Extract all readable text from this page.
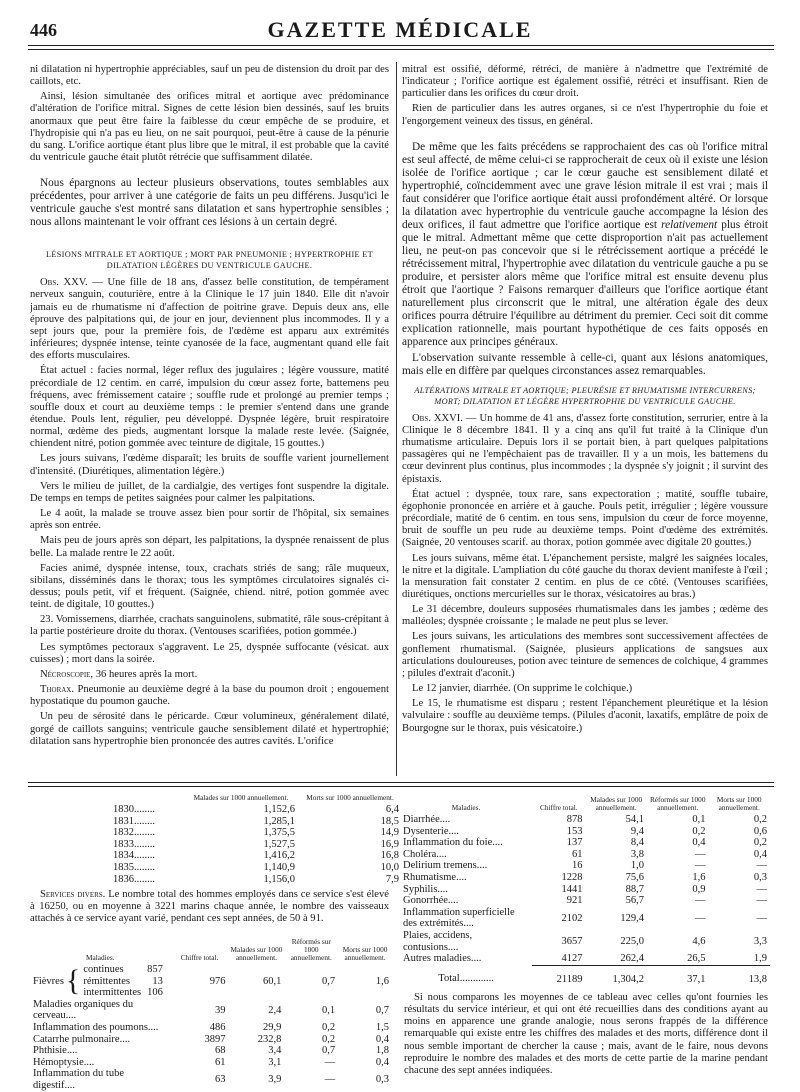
446	GAZETTE MÉDICALE

ni dilatation ni hypertrophie appréciables, sauf un peu de distension du droit par des caillots, etc.

Ainsi, lésion simultanée des orifices mitral et aortique avec prédominance d'altération de l'orifice mitral. Signes de cette lésion bien dessinés, sauf les bruits anormaux que peut être faire la faiblesse du cœur empêche de se produire, et l'hydropisie qui n'a pas eu lieu, on ne sait pourquoi, peut-être à cause de la pénurie du sang. L'orifice aortique étant plus libre que le mitral, il est probable que la cavité du ventricule gauche était plutôt rétrécie que suffisamment dilatée.

Nous épargnons au lecteur plusieurs observations, toutes semblables aux précédentes, pour arriver à une catégorie de faits un peu différens. Jusqu'ici le ventricule gauche s'est montré sans dilatation et sans hypertrophie sensibles ; nous allons maintenant le voir offrant ces lésions à un certain degré.

LÉSIONS MITRALE ET AORTIQUE ; MORT PAR PNEUMONIE ; HYPERTROPHIE ET DILATATION LÉGÈRES DU VENTRICULE GAUCHE.

Obs. XXV. — Une fille de 18 ans, d'assez belle constitution, de tempérament nerveux sanguin, couturière, entre à la Clinique le 17 juin 1840. Elle dit n'avoir jamais eu de rhumatisme ni d'affection de poitrine grave. Depuis deux ans, elle éprouve des palpitations qui, de jour en jour, deviennent plus incommodes. Il y a sept jours que, pour la première fois, de l'œdème est apparu aux extrémités inférieures; dyspnée intense, teinte cyanosée de la face, augmentant quand elle fait des efforts musculaires.

État actuel : facies normal, léger reflux des jugulaires ; légère voussure, matité précordiale de 12 centim. en carré, impulsion du cœur assez forte, battemens peu fréquens, avec frémissement cataire ; souffle rude et prolongé au premier temps ; souffle doux et court au deuxième temps : le premier s'entend dans une grande étendue. Pouls lent, régulier, peu développé. Dyspnée légère, bruit respiratoire normal, œdème des pieds, augmentant lorsque la malade reste levée. (Saignée, chiendent nitré, potion gommée avec teinture de digitale, 15 gouttes.)

Les jours suivans, l'œdème disparaît; les bruits de souffle varient journellement d'intensité. (Diurétiques, alimentation légère.)

Vers le milieu de juillet, de la cardialgie, des vertiges font suspendre la digitale. De temps en temps de petites saignées pour calmer les palpitations.

Le 4 août, la malade se trouve assez bien pour sortir de l'hôpital, six semaines après son entrée.

Mais peu de jours après son départ, les palpitations, la dyspnée renaissent de plus belle. La malade rentre le 22 août.

Facies animé, dyspnée intense, toux, crachats striés de sang; râle muqueux, sibilans, disséminés dans le thorax; tous les symptômes circulatoires signalés ci-dessus; pouls petit, vif et fréquent. (Saignée, chiend. nitré, potion gommée avec teint. de digitale, 10 gouttes.)

23. Vomissemens, diarrhée, crachats sanguinolens, submatité, râle sous-crépitant à la partie postérieure droite du thorax. (Ventouses scarifiées, potion gommée.)

Les symptômes pectoraux s'aggravent. Le 25, dyspnée suffocante (vésicat. aux cuisses) ; mort dans la soirée.

Nécroscopie, 36 heures après la mort.

Thorax. Pneumonie au deuxième degré à la base du poumon droit ; engouement hypostatique du poumon gauche.

Un peu de sérosité dans le péricarde. Cœur volumineux, généralement dilaté, gorgé de caillots sanguins; ventricule gauche sensiblement dilaté et hypertrophié; dilatation sans hypertrophie bien prononcée des autres cavités. L'orifice

mitral est ossifié, déformé, rétréci, de manière à n'admettre que l'extrémité de l'indicateur ; l'orifice aortique est également ossifié, rétréci et insuffisant. Rien de particulier dans les orifices du cœur droit.

Rien de particulier dans les autres organes, si ce n'est l'hypertrophie du foie et l'engorgement veineux des tissus, en général.

De même que les faits précédens se rapprochaient des cas où l'orifice mitral est seul affecté, de même celui-ci se rapprocherait de ceux où il existe une lésion isolée de l'orifice aortique ; car le cœur gauche est sensiblement dilaté et hypertrophié, coïncidemment avec une grave lésion mitrale il est vrai ; mais il faut considérer que l'orifice aortique était aussi profondément altéré. Or lorsque la dilatation avec hypertrophie du ventricule gauche accompagne la lésion des deux orifices, il faut admettre que l'orifice aortique est relativement plus étroit que le mitral. Admettant même que cette disproportion n'ait pas actuellement lieu, ne peut-on pas concevoir que si le rétrécissement aortique a précédé le rétrécissement mitral, l'hypertrophie avec dilatation du ventricule gauche a pu se produire, et persister alors même que l'orifice mitral est ensuite devenu plus étroit que l'aortique ? Faisons remarquer d'ailleurs que l'orifice aortique étant naturellement plus circonscrit que le mitral, une altération égale des deux orifices pourra détruire l'équilibre au détriment du premier. Ceci soit dit comme explication rationnelle, mais pourtant hypothétique de ces faits opposés en apparence aux principes généraux.

L'observation suivante ressemble à celle-ci, quant aux lésions anatomiques, mais elle en diffère par quelques circonstances assez remarquables.

ALTÉRATIONS MITRALE ET AORTIQUE; PLEURÉSIE ET RHUMATISME INTERCURRENS; MORT; DILATATION ET LÉGÈRE HYPERTROPHIE DU VENTRICULE GAUCHE.

Obs. XXVI. — Un homme de 41 ans, d'assez forte constitution, serrurier, entre à la Clinique le 8 décembre 1841. Il y a cinq ans qu'il fut traité à la Clinique d'un rhumatisme articulaire. Depuis lors il se portait bien, à part quelques palpitations passagères qui ne l'empêchaient pas de travailler. Il y a un mois, les battemens du cœur devinrent plus continus, plus incommodes ; la dyspnée s'y joignit ; il survint des épistaxis.

État actuel : dyspnée, toux rare, sans expectoration ; matité, souffle tubaire, égophonie prononcée en arrière et à gauche. Pouls petit, irrégulier ; légère voussure précordiale, matité de 6 centim. en tous sens, impulsion du cœur de force moyenne, bruit de souffle un peu rude au deuxième temps. Point d'œdème des extrémités. (Saignée, 20 ventouses scarif. au thorax, potion gommée avec digitale 20 gouttes.)

Les jours suivans, même état. L'épanchement persiste, malgré les saignées locales, le nitre et la digitale. L'ampliation du côté gauche du thorax devient manifeste à l'œil ; la mensuration fait constater 2 centim. en plus de ce côté. (Ventouses scarifiées, diurétiques, onctions mercurielles sur le thorax, vésicatoires au bras.)

Le 31 décembre, douleurs supposées rhumatismales dans les jambes ; œdème des malléoles; dyspnée croissante ; le malade ne peut plus se lever.

Les jours suivans, les articulations des membres sont successivement affectées de gonflement rhumatismal. (Saignée, plusieurs applications de sangsues aux articulations douloureuses, potion avec teinture de semences de colchique, 4 grammes ; pilules d'extrait d'aconit.)

Le 12 janvier, diarrhée. (On supprime le colchique.)

Le 15, le rhumatisme est disparu ; restent l'épanchement pleurétique et la lésion valvulaire : souffle au deuxième temps. (Pilules d'aconit, laxatifs, emplâtre de poix de Bourgogne sur le thorax, puis vésicatoire.)

	Malades sur 1000 annuellement.	Morts sur 1000 annuellement.
1830........	1,152,6	6,4
1831........	1,285,1	18,5
1832........	1,375,5	14,9
1833........	1,527,5	16,9
1834........	1,416,2	16,8
1835........	1,140,9	10,0
1836........	1,156,0	7,9

Services divers. Le nombre total des hommes employés dans ce service s'est élevé à 16250, ou en moyenne à 3221 marins chaque année, le nombre des vaisseaux attachés à ce service ayant varié, pendant ces sept années, de 50 à 91.

Maladies.	Chiffre total.	Malades sur 1000 annuellement.	Réformés sur 1000 annuellement.	Morts sur 1000 annuellement.

Fièvres	{	continues	857
rémittentes	13
intermittentes	106
	976	60,1	0,7	1,6
Maladies organiques du cerveau....	39	2,4	0,1	0,7
Inflammation des poumons....	486	29,9	0,2	1,5
Catarrhe pulmonaire....	3897	232,8	0,2	0,4
Phthisie....	68	3,4	0,7	1,8
Hémoptysie....	61	3,1	—	0,4
Inflammation du tube digestif....	63	3,9	—	0,3
Maladies.	Chiffre total.	Malades sur 1000 annuellement.	Réformés sur 1000 annuellement.	Morts sur 1000 annuellement.
Diarrhée....	878	54,1	0,1	0,2
Dysenterie....	153	9,4	0,2	0,6
Inflammation du foie....	137	8,4	0,4	0,2
Choléra....	61	3,8	—	0,4
Delirium tremens....	16	1,0	—	—
Rhumatisme....	1228	75,6	1,6	0,3
Syphilis....	1441	88,7	0,9	—
Gonorrhée....	921	56,7	—	—
Inflammation superficielle des extrémités....	2102	129,4	—	—
Plaies, accidens, contusions....	3657	225,0	4,6	3,3
Autres maladies....	4127	262,4	26,5	1,9
Total.............	21189	1,304,2	37,1	13,8

Si nous comparons les moyennes de ce tableau avec celles qu'ont fournies les résultats du service intérieur, et qui ont été recueillies dans des conditions ayant au moins en apparence une grande analogie, nous serons frappés de la différence remarquable qui existe entre les chiffres des malades et des morts, différence dont il nous semble important de chercher la cause ; mais, avant de le faire, nous devons reproduire le nombre des malades et des morts de cette partie de la marine pendant chacune des sept années indiquées.
